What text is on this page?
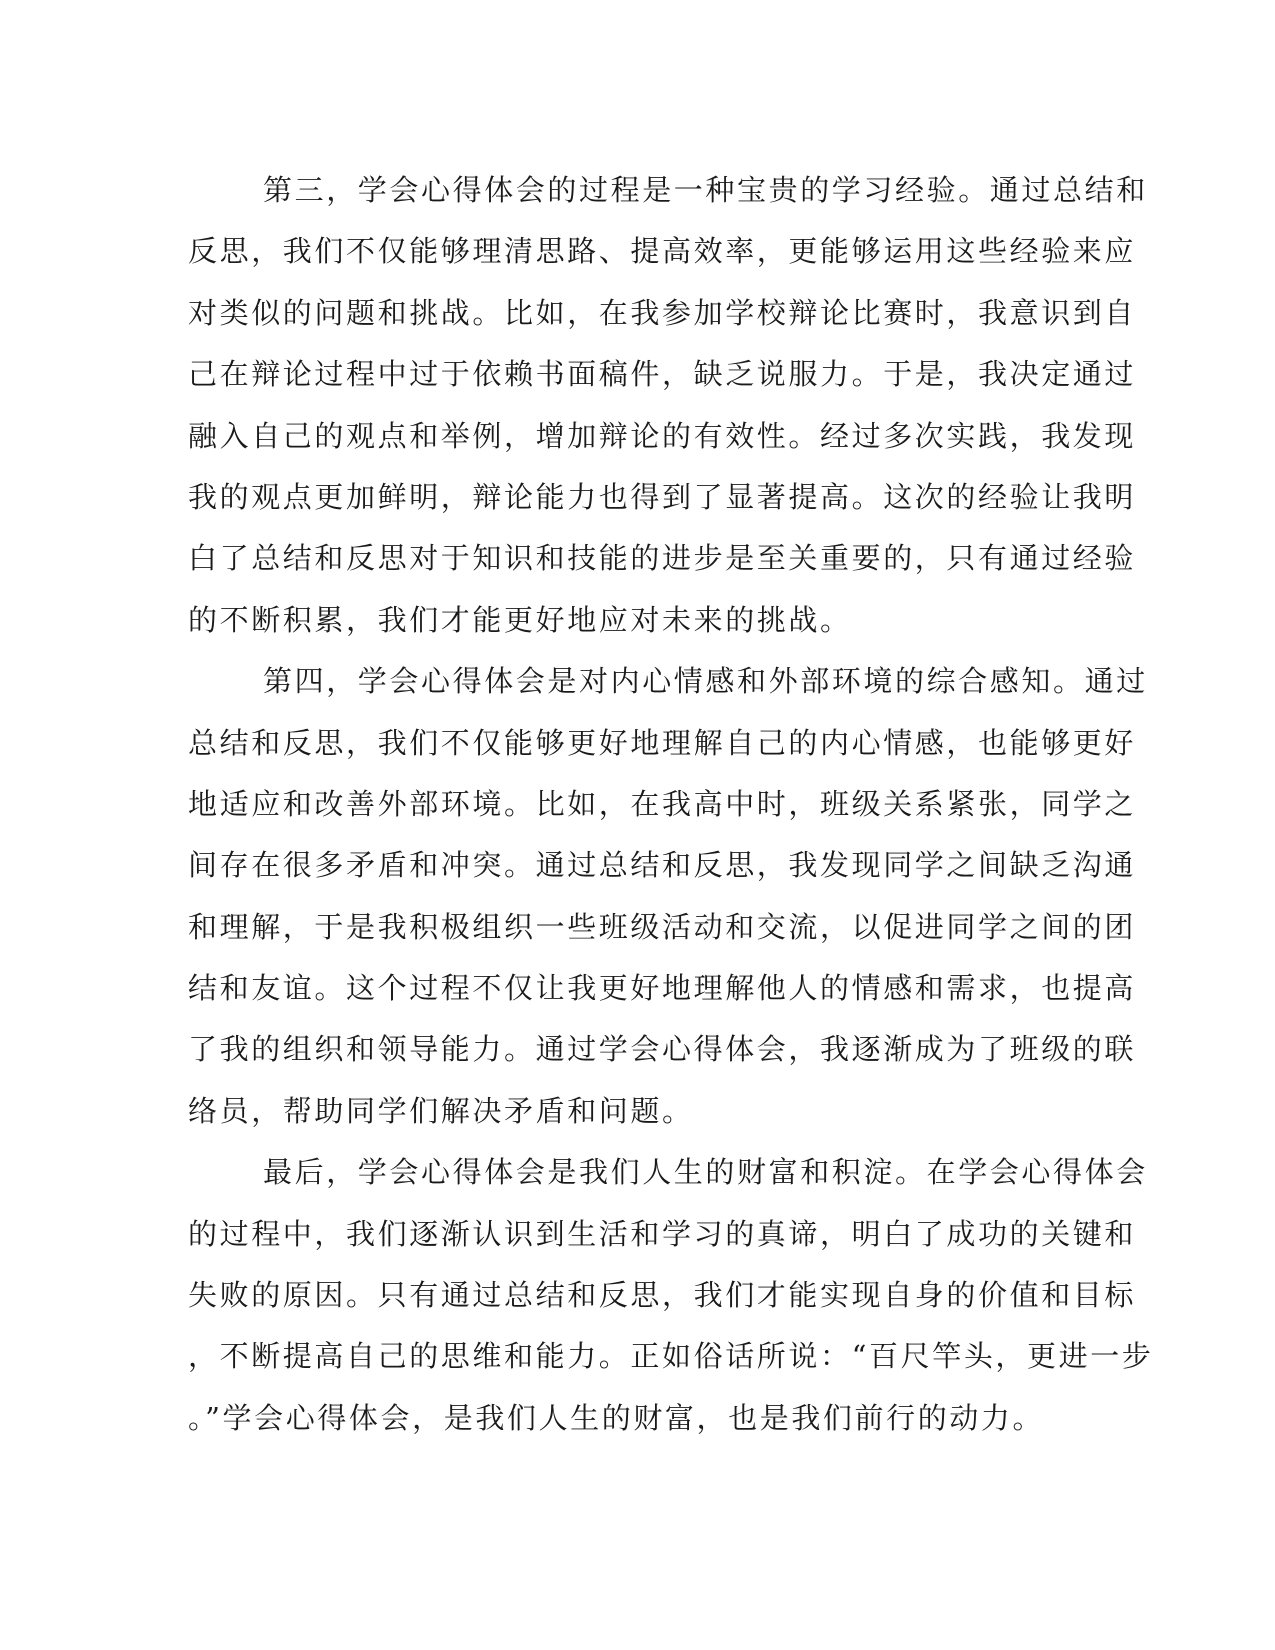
第三，学会心得体会的过程是一种宝贵的学习经验。通过总结和
反思，我们不仅能够理清思路、提高效率，更能够运用这些经验来应
对类似的问题和挑战。比如，在我参加学校辩论比赛时，我意识到自
己在辩论过程中过于依赖书面稿件，缺乏说服力。于是，我决定通过
融入自己的观点和举例，增加辩论的有效性。经过多次实践，我发现
我的观点更加鲜明，辩论能力也得到了显著提高。这次的经验让我明
白了总结和反思对于知识和技能的进步是至关重要的，只有通过经验
的不断积累，我们才能更好地应对未来的挑战。
第四，学会心得体会是对内心情感和外部环境的综合感知。通过
总结和反思，我们不仅能够更好地理解自己的内心情感，也能够更好
地适应和改善外部环境。比如，在我高中时，班级关系紧张，同学之
间存在很多矛盾和冲突。通过总结和反思，我发现同学之间缺乏沟通
和理解，于是我积极组织一些班级活动和交流，以促进同学之间的团
结和友谊。这个过程不仅让我更好地理解他人的情感和需求，也提高
了我的组织和领导能力。通过学会心得体会，我逐渐成为了班级的联
络员，帮助同学们解决矛盾和问题。
最后，学会心得体会是我们人生的财富和积淀。在学会心得体会
的过程中，我们逐渐认识到生活和学习的真谛，明白了成功的关键和
失败的原因。只有通过总结和反思，我们才能实现自身的价值和目标
，不断提高自己的思维和能力。正如俗话所说：“百尺竿头，更进一步
。”学会心得体会，是我们人生的财富，也是我们前行的动力。
